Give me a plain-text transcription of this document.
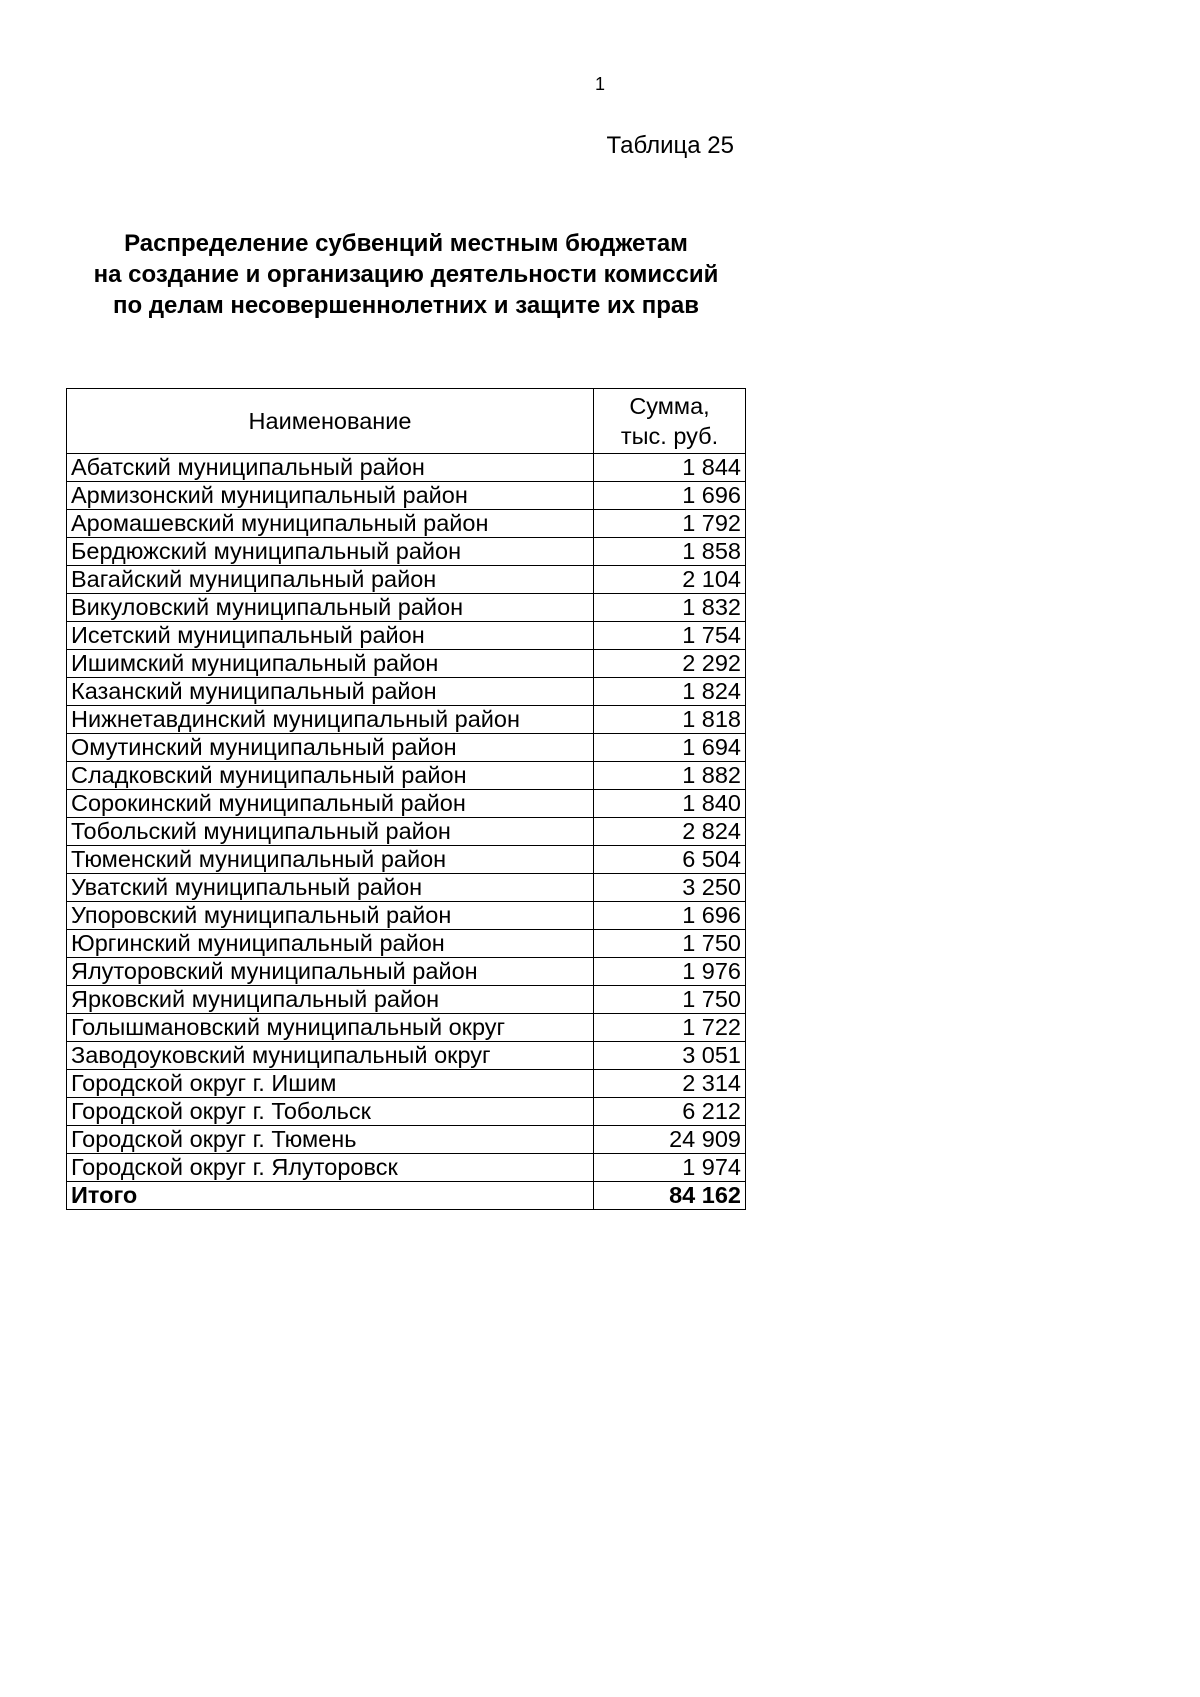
1
Таблица 25
Распределение субвенций местным бюджетам
на создание и организацию деятельности комиссий
по делам несовершеннолетних и защите их прав
Наименование	Сумма,
тыс. руб.

Абатский муниципальный район	1 844
Армизонский муниципальный район	1 696
Аромашевский муниципальный район	1 792
Бердюжский муниципальный район	1 858
Вагайский муниципальный район	2 104
Викуловский муниципальный район	1 832
Исетский муниципальный район	1 754
Ишимский муниципальный район	2 292
Казанский муниципальный район	1 824
Нижнетавдинский муниципальный район	1 818
Омутинский муниципальный район	1 694
Сладковский муниципальный район	1 882
Сорокинский муниципальный район	1 840
Тобольский муниципальный район	2 824
Тюменский муниципальный район	6 504
Уватский муниципальный район	3 250
Упоровский муниципальный район	1 696
Юргинский муниципальный район	1 750
Ялуторовский муниципальный район	1 976
Ярковский муниципальный район	1 750
Голышмановский муниципальный округ	1 722
Заводоуковский муниципальный округ	3 051
Городской округ г. Ишим	2 314
Городской округ г. Тобольск	6 212
Городской округ г. Тюмень	24 909
Городской округ г. Ялуторовск	1 974
Итого	84 162
